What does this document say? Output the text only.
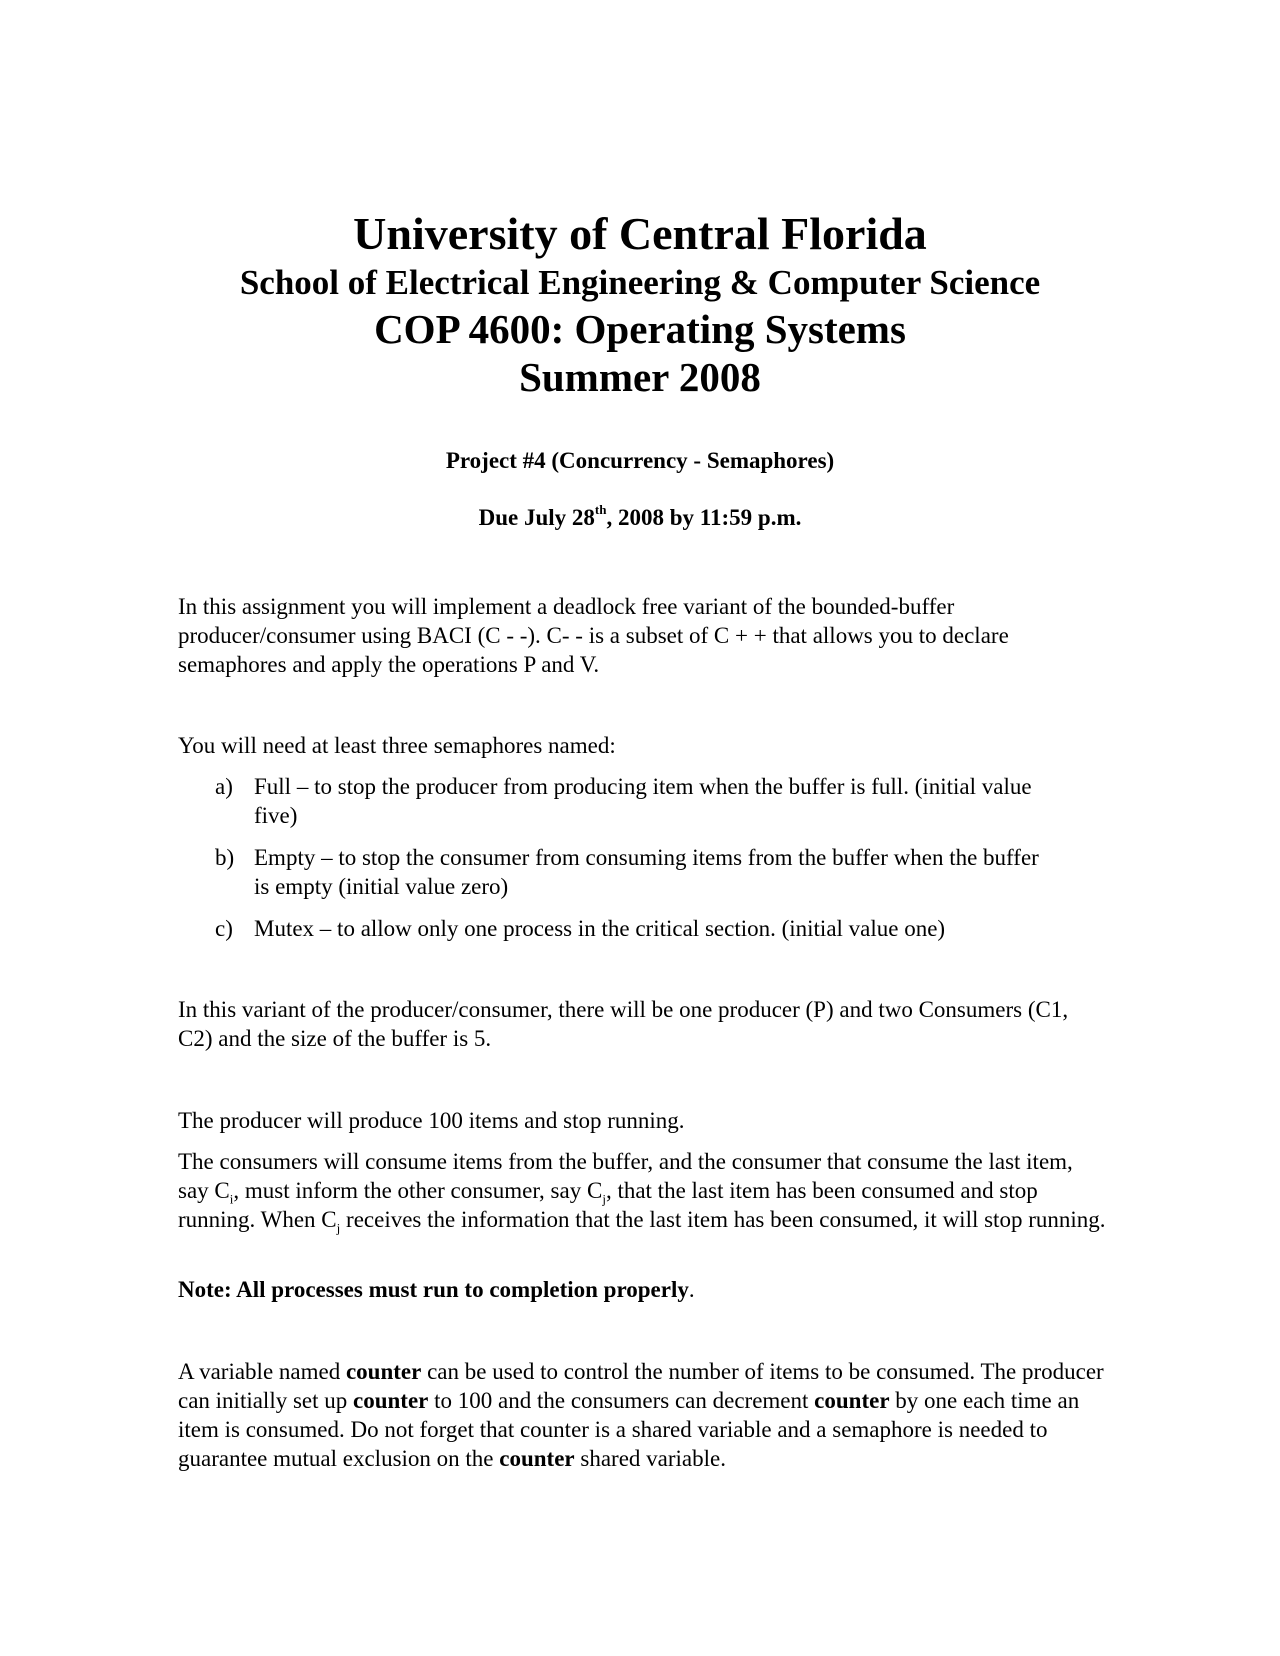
University of Central Florida
School of Electrical Engineering & Computer Science
COP 4600: Operating Systems
Summer 2008
Project #4 (Concurrency - Semaphores)
Due July 28th, 2008 by 11:59 p.m.
In this assignment you will implement a deadlock free variant of the bounded-buffer producer/consumer using BACI (C - -). C- - is a subset of C + + that allows you to declare semaphores and apply the operations P and V.
You will need at least three semaphores named:
a) Full – to stop the producer from producing item when the buffer is full. (initial value five)
b) Empty – to stop the consumer from consuming items from the buffer when the buffer is empty (initial value zero)
c) Mutex – to allow only one process in the critical section. (initial value one)
In this variant of the producer/consumer, there will be one producer (P) and two Consumers (C1, C2) and the size of the buffer is 5.
The producer will produce 100 items and stop running.
The consumers will consume items from the buffer, and the consumer that consume the last item, say $C_i$, must inform the other consumer, say $C_j$, that the last item has been consumed and stop running. When $C_j$ receives the information that the last item has been consumed, it will stop running.
Note: All processes must run to completion properly.
A variable named counter can be used to control the number of items to be consumed. The producer can initially set up counter to 100 and the consumers can decrement counter by one each time an item is consumed. Do not forget that counter is a shared variable and a semaphore is needed to guarantee mutual exclusion on the counter shared variable.
